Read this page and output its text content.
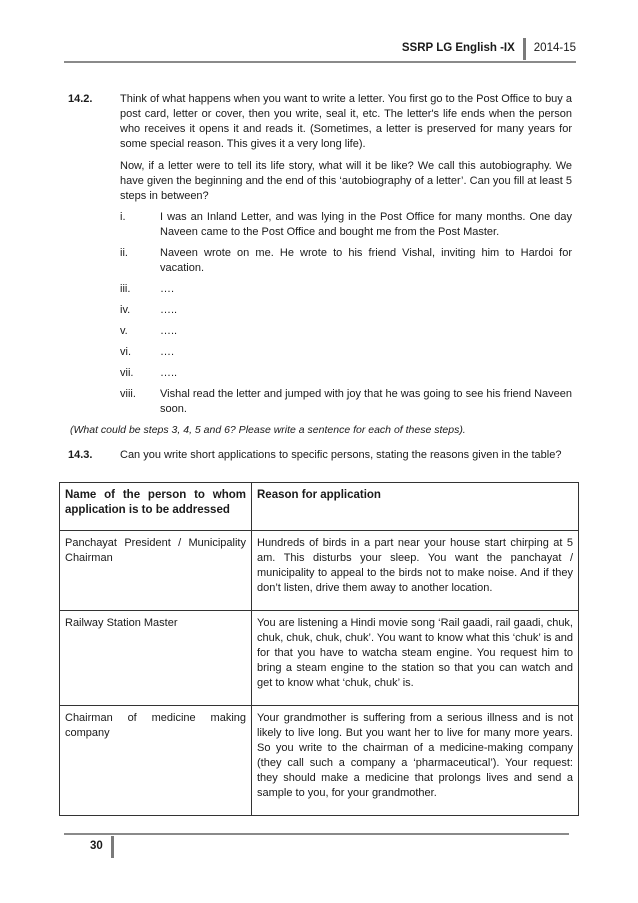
SSRP LG English -IX	2014-15
14.2.	Think of what happens when you want to write a letter. You first go to the Post Office to buy a post card, letter or cover, then you write, seal it, etc. The letter's life ends when the person who receives it opens it and reads it. (Sometimes, a letter is preserved for many years for some special reason. This gives it a very long life).
Now, if a letter were to tell its life story, what will it be like? We call this autobiography. We have given the beginning and the end of this ‘autobiography of a letter’. Can you fill at least 5 steps in between?
i.	I was an Inland Letter, and was lying in the Post Office for many months. One day Naveen came to the Post Office and bought me from the Post Master.
ii.	Naveen wrote on me. He wrote to his friend Vishal, inviting him to Hardoi for vacation.
iii.	….
iv.	…..
v.	…..
vi.	….
vii.	…..
viii.	Vishal read the letter and jumped with joy that he was going to see his friend Naveen soon.
(What could be steps 3, 4, 5 and 6? Please write a sentence for each of these steps).
14.3.	Can you write short applications to specific persons, stating the reasons given in the table?
Name of the person to whom application is to be addressed	Reason for application
Panchayat President / Municipality Chairman	Hundreds of birds in a part near your house start chirping at 5 am. This disturbs your sleep. You want the panchayat / municipality to appeal to the birds not to make noise. And if they don’t listen, drive them away to another location.
Railway Station Master	You are listening a Hindi movie song ‘Rail gaadi, rail gaadi, chuk, chuk, chuk, chuk, chuk’. You want to know what this ‘chuk’ is and for that you have to watcha steam engine. You request him to bring a steam engine to the station so that you can watch and get to know what ‘chuk, chuk’ is.
Chairman of medicine making company	Your grandmother is suffering from a serious illness and is not likely to live long. But you want her to live for many more years. So you write to the chairman of a medicine-making company (they call such a company a ‘pharmaceutical’). Your request: they should make a medicine that prolongs lives and send a sample to you, for your grandmother.
30
